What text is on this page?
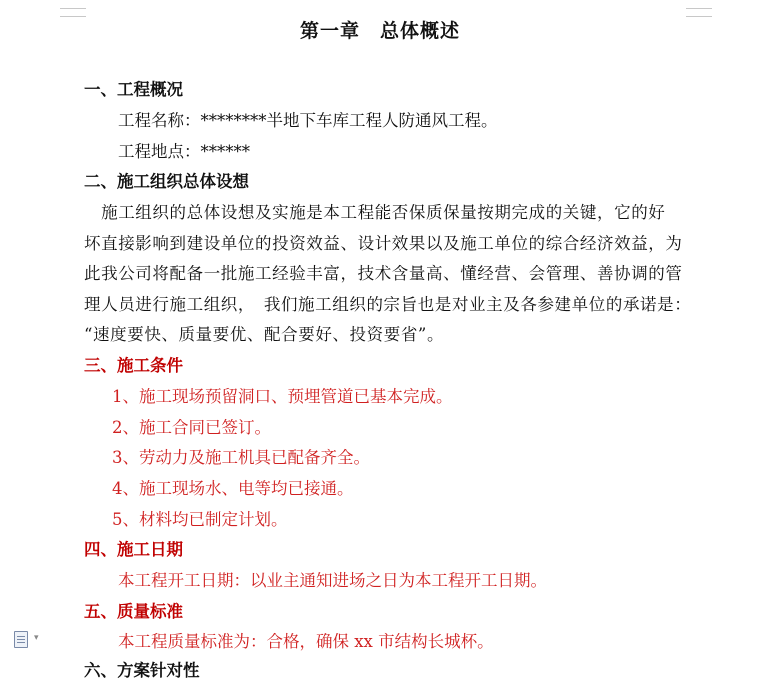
第一章　总体概述
一、工程概况
工程名称：********半地下车库工程人防通风工程。
工程地点：******
二、施工组织总体设想
　施工组织的总体设想及实施是本工程能否保质保量按期完成的关键，它的好
坏直接影响到建设单位的投资效益、设计效果以及施工单位的综合经济效益，为
此我公司将配备一批施工经验丰富，技术含量高、懂经营、会管理、善协调的管
理人员进行施工组织，　我们施工组织的宗旨也是对业主及各参建单位的承诺是：
“速度要快、质量要优、配合要好、投资要省”。
三、施工条件
1、施工现场预留洞口、预埋管道已基本完成。
2、施工合同已签订。
3、劳动力及施工机具已配备齐全。
4、施工现场水、电等均已接通。
5、材料均已制定计划。
四、施工日期
本工程开工日期：以业主通知进场之日为本工程开工日期。
五、质量标准
本工程质量标准为：合格，确保 xx 市结构长城杯。
六、方案针对性
▾
